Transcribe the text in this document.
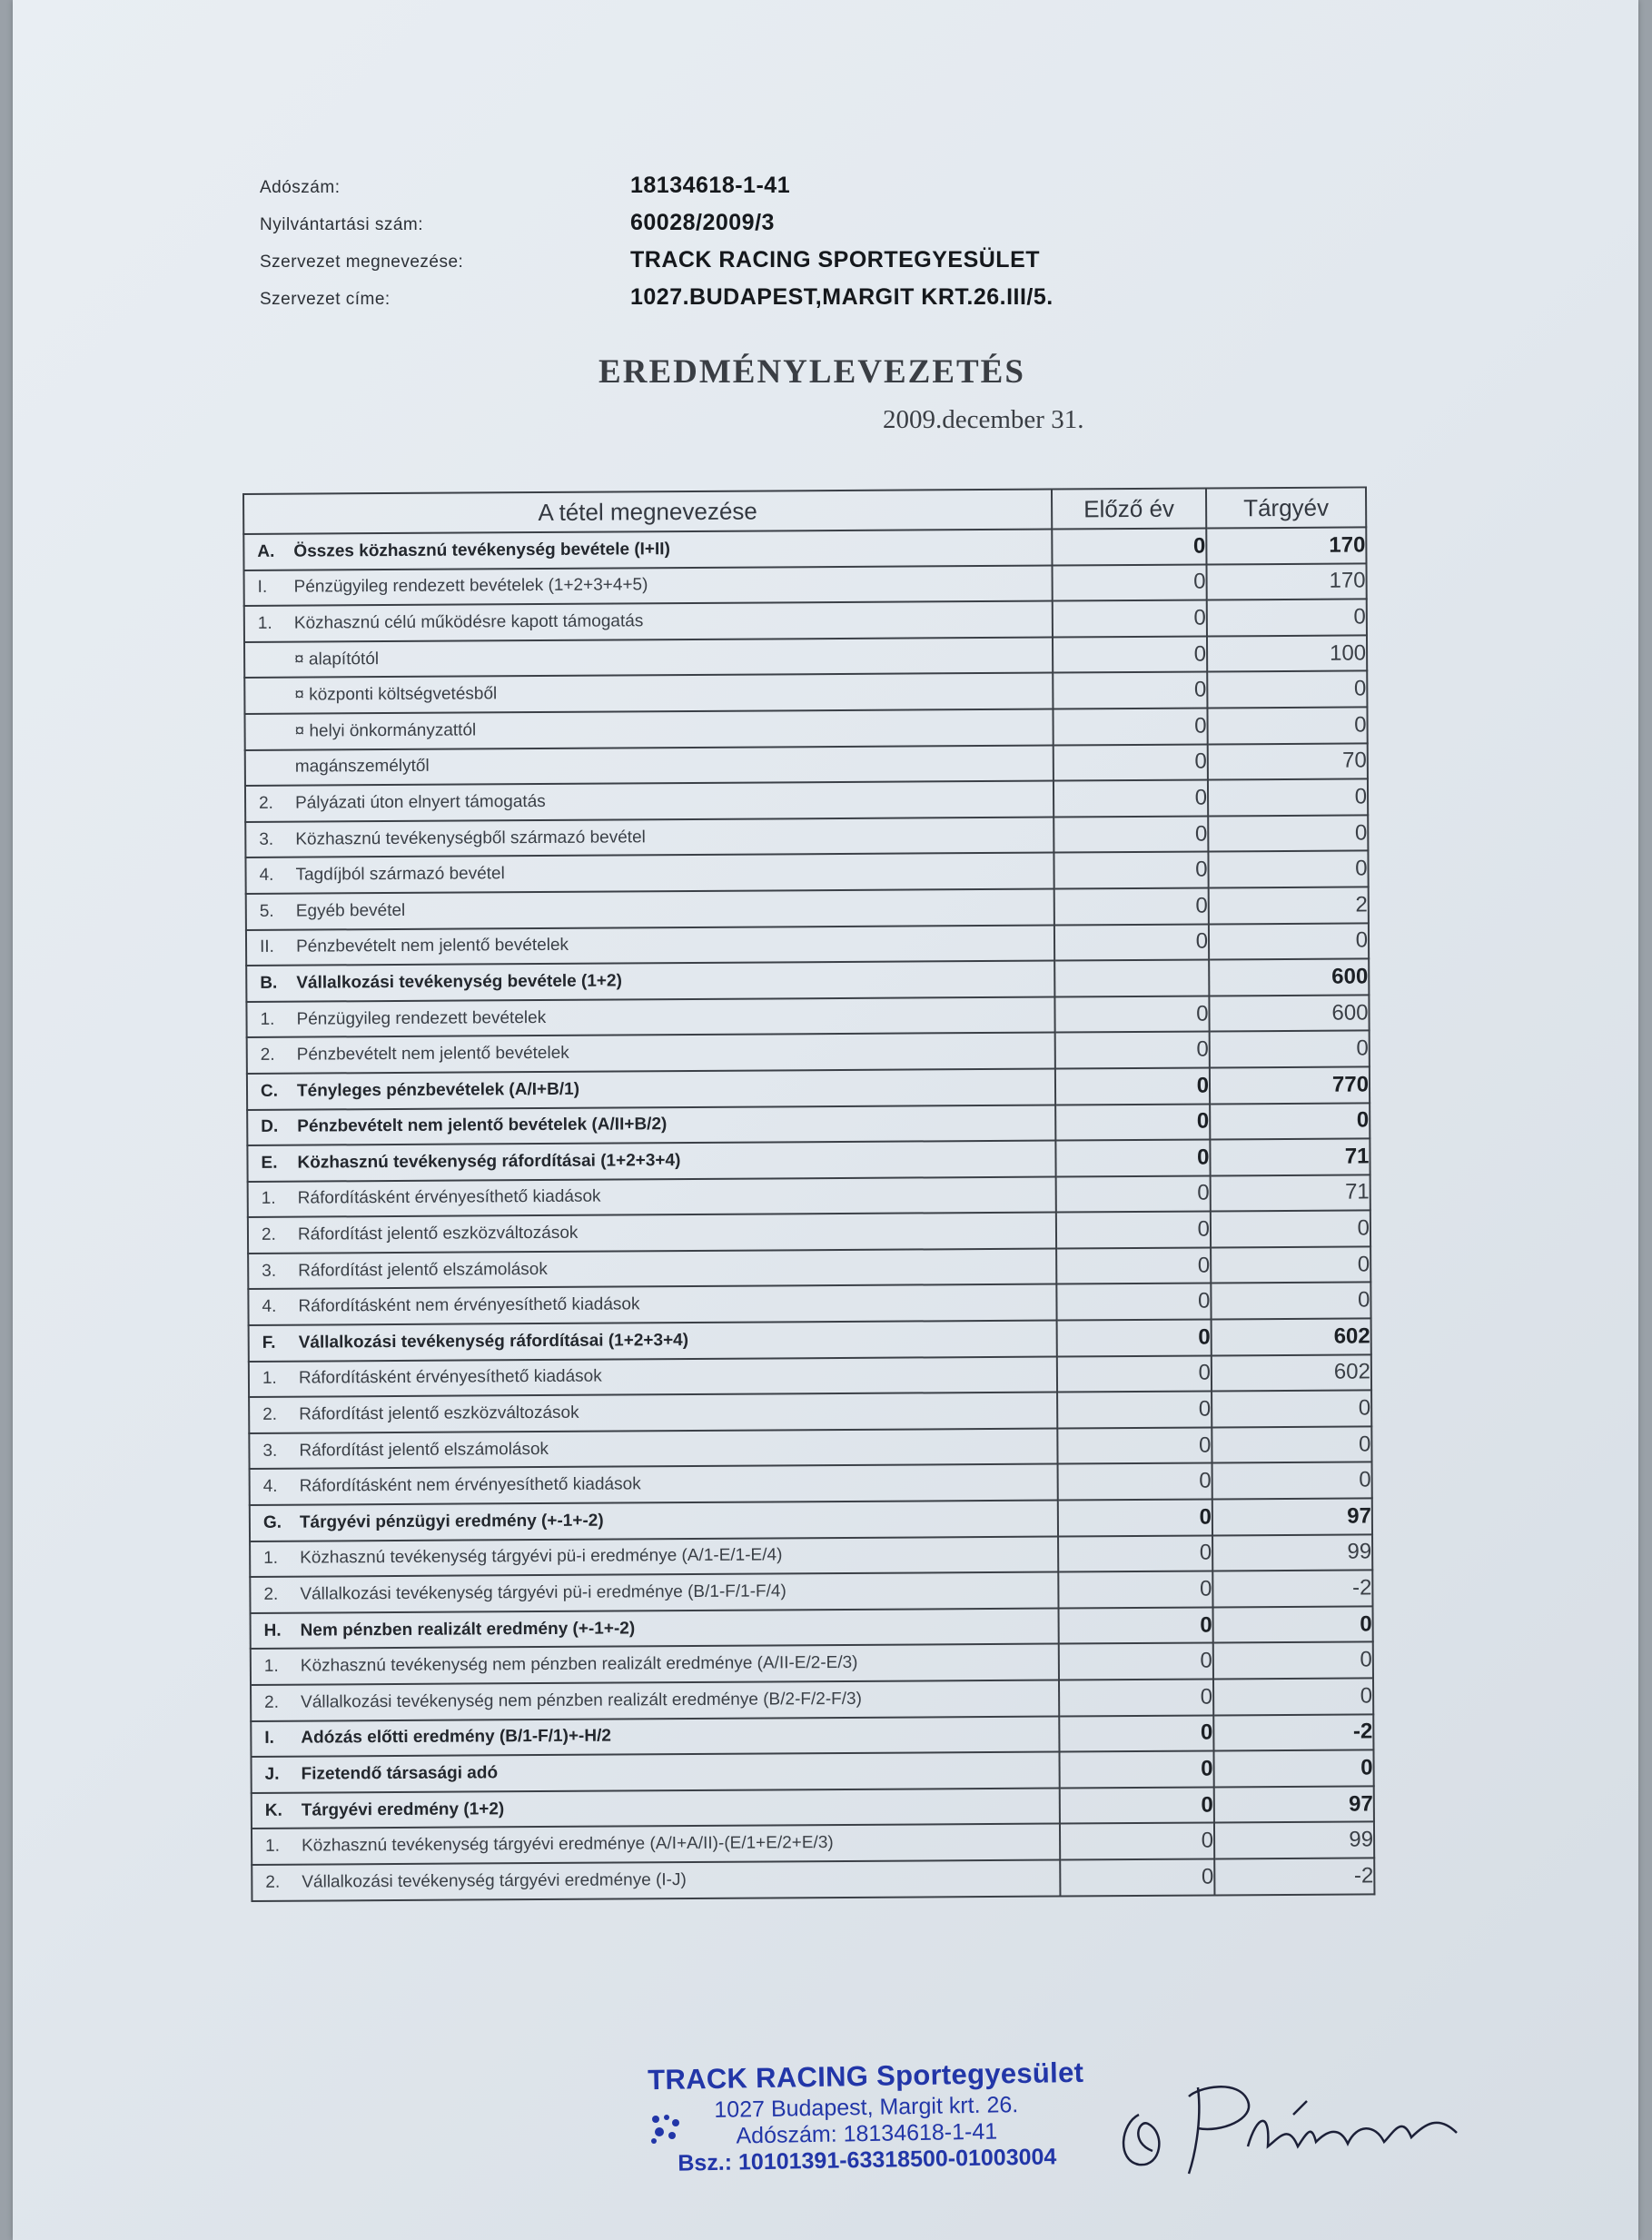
Adószám:	18134618-1-41
Nyilvántartási szám:	60028/2009/3
Szervezet megnevezése:	TRACK RACING SPORTEGYESÜLET
Szervezet címe:	1027.BUDAPEST,MARGIT KRT.26.III/5.
EREDMÉNYLEVEZETÉS
2009.december 31.
A tétel megnevezése	Előző év	Tárgyév
A. Összes közhasznú tevékenység bevétele (I+II)	0	170
I. Pénzügyileg rendezett bevételek (1+2+3+4+5)	0	170
1. Közhasznú célú működésre kapott támogatás	0	0
¤ alapítótól	0	100
¤ központi költségvetésből	0	0
¤ helyi önkormányzattól	0	0
magánszemélytől	0	70
2. Pályázati úton elnyert támogatás	0	0
3. Közhasznú tevékenységből származó bevétel	0	0
4. Tagdíjból származó bevétel	0	0
5. Egyéb bevétel	0	2
II. Pénzbevételt nem jelentő bevételek	0	0
B. Vállalkozási tevékenység bevétele (1+2)		600
1. Pénzügyileg rendezett bevételek	0	600
2. Pénzbevételt nem jelentő bevételek	0	0
C. Tényleges pénzbevételek (A/I+B/1)	0	770
D. Pénzbevételt nem jelentő bevételek (A/II+B/2)	0	0
E. Közhasznú tevékenység ráfordításai (1+2+3+4)	0	71
1. Ráfordításként érvényesíthető kiadások	0	71
2. Ráfordítást jelentő eszközváltozások	0	0
3. Ráfordítást jelentő elszámolások	0	0
4. Ráfordításként nem érvényesíthető kiadások	0	0
F. Vállalkozási tevékenység ráfordításai (1+2+3+4)	0	602
1. Ráfordításként érvényesíthető kiadások	0	602
2. Ráfordítást jelentő eszközváltozások	0	0
3. Ráfordítást jelentő elszámolások	0	0
4. Ráfordításként nem érvényesíthető kiadások	0	0
G. Tárgyévi pénzügyi eredmény (+-1+-2)	0	97
1. Közhasznú tevékenység tárgyévi pü-i eredménye (A/1-E/1-E/4)	0	99
2. Vállalkozási tevékenység tárgyévi pü-i eredménye (B/1-F/1-F/4)	0	-2
H. Nem pénzben realizált eredmény (+-1+-2)	0	0
1. Közhasznú tevékenység nem pénzben realizált eredménye (A/II-E/2-E/3)	0	0
2. Vállalkozási tevékenység nem pénzben realizált eredménye (B/2-F/2-F/3)	0	0
I. Adózás előtti eredmény (B/1-F/1)+-H/2	0	-2
J. Fizetendő társasági adó	0	0
K. Tárgyévi eredmény (1+2)	0	97
1. Közhasznú tevékenység tárgyévi eredménye (A/I+A/II)-(E/1+E/2+E/3)	0	99
2. Vállalkozási tevékenység tárgyévi eredménye (I-J)	0	-2
TRACK RACING Sportegyesület
1027 Budapest, Margit krt. 26.
Adószám: 18134618-1-41
Bsz.: 10101391-63318500-01003004
